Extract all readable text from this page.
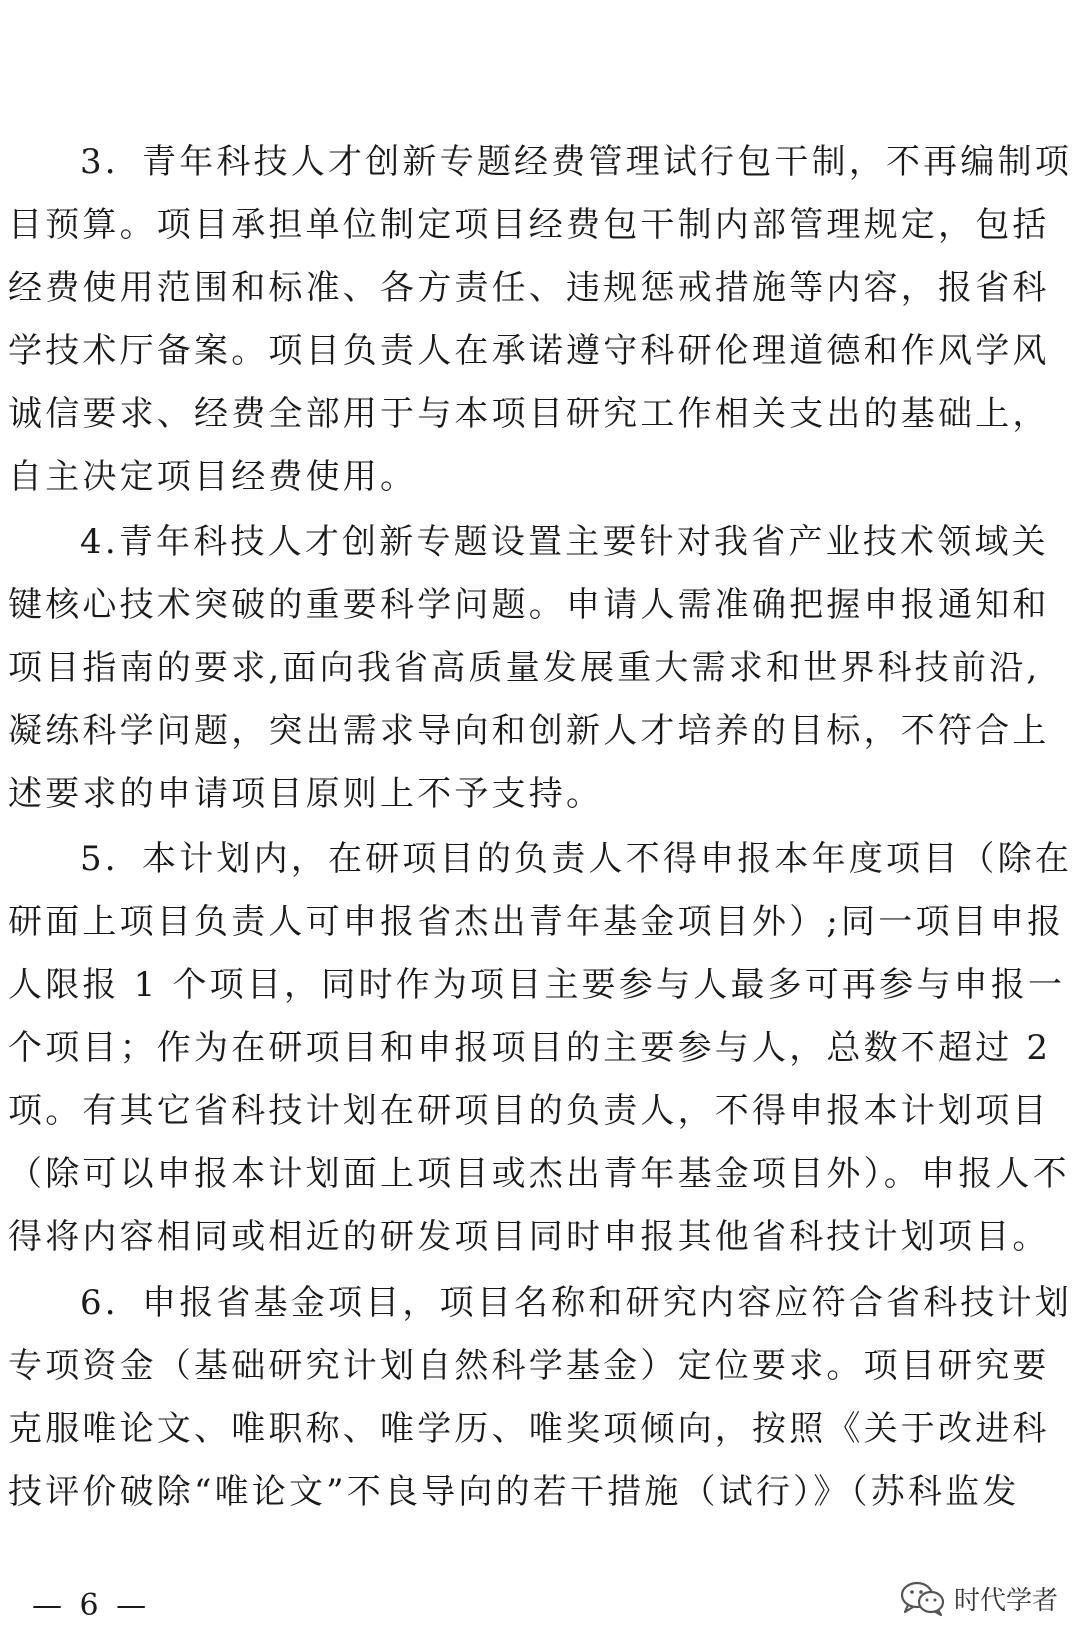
3．青年科技人才创新专题经费管理试行包干制，不再编制项
目预算。项目承担单位制定项目经费包干制内部管理规定，包括
经费使用范围和标准、各方责任、违规惩戒措施等内容，报省科
学技术厅备案。项目负责人在承诺遵守科研伦理道德和作风学风
诚信要求、经费全部用于与本项目研究工作相关支出的基础上，
自主决定项目经费使用。
4.青年科技人才创新专题设置主要针对我省产业技术领域关
键核心技术突破的重要科学问题。申请人需准确把握申报通知和
项目指南的要求,面向我省高质量发展重大需求和世界科技前沿,
凝练科学问题，突出需求导向和创新人才培养的目标，不符合上
述要求的申请项目原则上不予支持。
5．本计划内，在研项目的负责人不得申报本年度项目（除在
研面上项目负责人可申报省杰出青年基金项目外）;同一项目申报
人限报 1 个项目，同时作为项目主要参与人最多可再参与申报一
个项目；作为在研项目和申报项目的主要参与人，总数不超过 2
项。有其它省科技计划在研项目的负责人，不得申报本计划项目
（除可以申报本计划面上项目或杰出青年基金项目外）。申报人不
得将内容相同或相近的研发项目同时申报其他省科技计划项目。
6．申报省基金项目，项目名称和研究内容应符合省科技计划
专项资金（基础研究计划自然科学基金）定位要求。项目研究要
克服唯论文、唯职称、唯学历、唯奖项倾向，按照《关于改进科
技评价破除“唯论文”不良导向的若干措施（试行）》（苏科监发
— 6 —	时代学者
